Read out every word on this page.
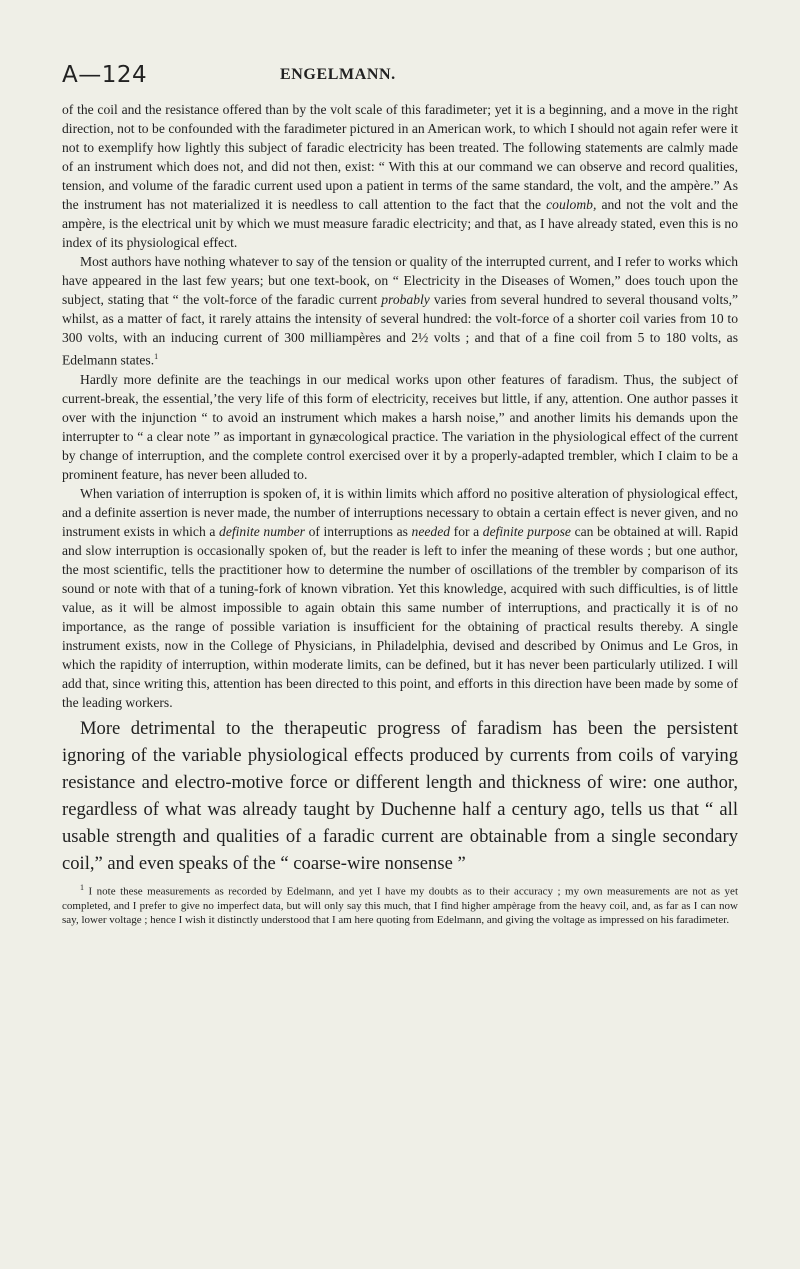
A—124	ENGELMANN.

of the coil and the resistance offered than by the volt scale of this faradimeter; yet it is a beginning, and a move in the right direction, not to be confounded with the faradimeter pictured in an American work, to which I should not again refer were it not to exemplify how lightly this subject of faradic electricity has been treated. The following statements are calmly made of an instrument which does not, and did not then, exist: “ With this at our command we can observe and record qualities, tension, and volume of the faradic current used upon a patient in terms of the same standard, the volt, and the ampère.” As the instrument has not materialized it is needless to call attention to the fact that the coulomb, and not the volt and the ampère, is the electrical unit by which we must measure faradic electricity; and that, as I have already stated, even this is no index of its physiological effect.

Most authors have nothing whatever to say of the tension or quality of the interrupted current, and I refer to works which have appeared in the last few years; but one text-book, on “ Electricity in the Diseases of Women,” does touch upon the subject, stating that “ the volt-force of the faradic current probably varies from several hundred to several thousand volts,” whilst, as a matter of fact, it rarely attains the intensity of several hundred: the volt-force of a shorter coil varies from 10 to 300 volts, with an inducing current of 300 milliampères and 2½ volts ; and that of a fine coil from 5 to 180 volts, as Edelmann states.$^1$

Hardly more definite are the teachings in our medical works upon other features of faradism. Thus, the subject of current-break, the essential,ʼthe very life of this form of electricity, receives but little, if any, attention. One author passes it over with the injunction “ to avoid an instrument which makes a harsh noise,” and another limits his demands upon the interrupter to “ a clear note ” as important in gynæcological practice. The variation in the physiological effect of the current by change of interruption, and the complete control exercised over it by a properly-adapted trembler, which I claim to be a prominent feature, has never been alluded to.

When variation of interruption is spoken of, it is within limits which afford no positive alteration of physiological effect, and a definite assertion is never made, the number of interruptions necessary to obtain a certain effect is never given, and no instrument exists in which a definite number of interruptions as needed for a definite purpose can be obtained at will. Rapid and slow interruption is occasionally spoken of, but the reader is left to infer the meaning of these words ; but one author, the most scientific, tells the practitioner how to determine the number of oscillations of the trembler by comparison of its sound or note with that of a tuning-fork of known vibration. Yet this knowledge, acquired with such difficulties, is of little value, as it will be almost impossible to again obtain this same number of interruptions, and practically it is of no importance, as the range of possible variation is insufficient for the obtaining of practical results thereby. A single instrument exists, now in the College of Physicians, in Philadelphia, devised and described by Onimus and Le Gros, in which the rapidity of interruption, within moderate limits, can be defined, but it has never been particularly utilized. I will add that, since writing this, attention has been directed to this point, and efforts in this direction have been made by some of the leading workers.

More detrimental to the therapeutic progress of faradism has been the persistent ignoring of the variable physiological effects produced by currents from coils of varying resistance and electro-motive force or different length and thickness of wire: one author, regardless of what was already taught by Duchenne half a century ago, tells us that “ all usable strength and qualities of a faradic current are obtainable from a single secondary coil,” and even speaks of the “ coarse-wire nonsense ”

$^1$ I note these measurements as recorded by Edelmann, and yet I have my doubts as to their accuracy ; my own measurements are not as yet completed, and I prefer to give no imperfect data, but will only say this much, that I find higher ampèrage from the heavy coil, and, as far as I can now say, lower voltage ; hence I wish it distinctly understood that I am here quoting from Edelmann, and giving the voltage as impressed on his faradimeter.
